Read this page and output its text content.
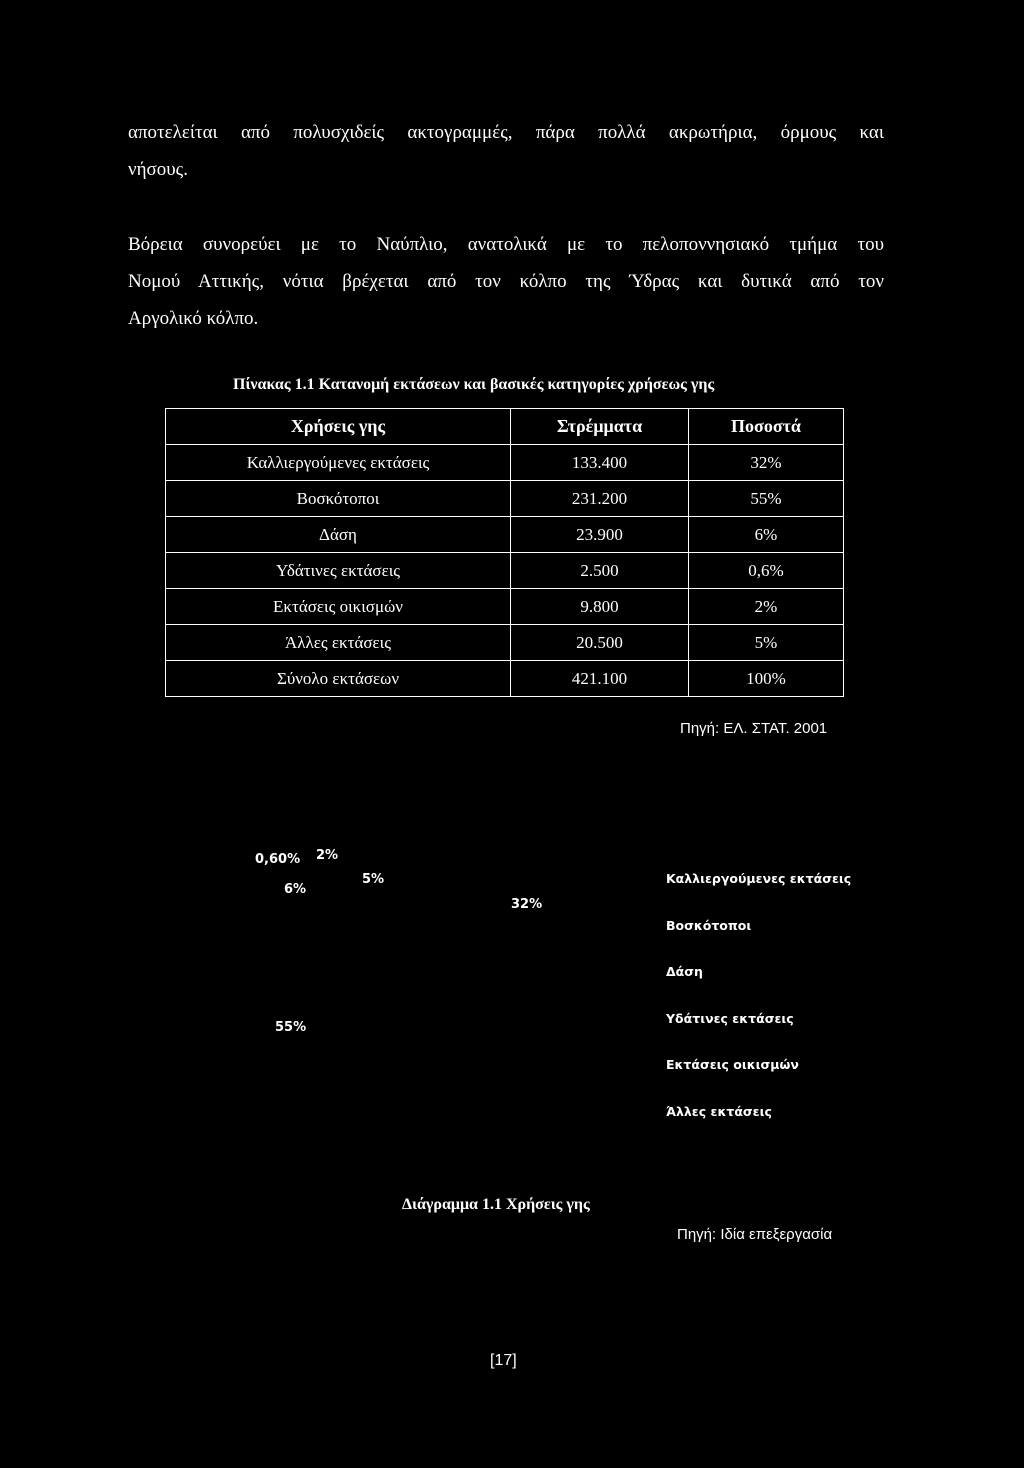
αποτελείται από πολυσχιδείς ακτογραμμές, πάρα πολλά ακρωτήρια, όρμους και
νήσους.
Βόρεια συνορεύει με το Ναύπλιο, ανατολικά με το πελοποννησιακό τμήμα του
Νομού Αττικής, νότια βρέχεται από τον κόλπο της Ύδρας και δυτικά από τον
Αργολικό κόλπο.
Πίνακας 1.1 Κατανομή εκτάσεων και βασικές κατηγορίες χρήσεως γης
Χρήσεις γης	Στρέμματα	Ποσοστά
Καλλιεργούμενες εκτάσεις	133.400	32%
Βοσκότοποι	231.200	55%
Δάση	23.900	6%
Υδάτινες εκτάσεις	2.500	0,6%
Εκτάσεις οικισμών	9.800	2%
Άλλες εκτάσεις	20.500	5%
Σύνολο εκτάσεων	421.100	100%
Πηγή: ΕΛ. ΣΤΑΤ. 2001
32%
55%
6%
0,60% 2%
5%	Καλλιεργούμενες εκτάσεις
Βοσκότοποι
Δάση
Υδάτινες εκτάσεις
Εκτάσεις οικισμών
Άλλες εκτάσεις
Διάγραμμα 1.1 Χρήσεις γης
Πηγή: Ιδία επεξεργασία
[17]
